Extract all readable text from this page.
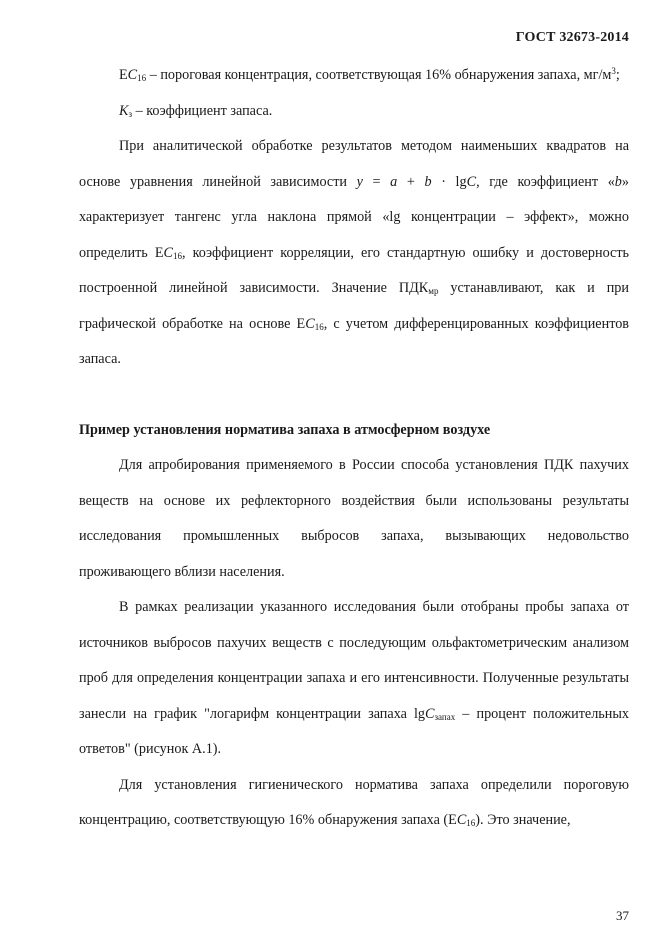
ГОСТ 32673-2014

$ЕC_{16}$ – пороговая концентрация, соответствующая 16% обнаружения запаха, $мг/м^3$;

$K_з$ – коэффициент запаса.

При аналитической обработке результатов методом наименьших квадратов на основе уравнения линейной зависимости y = a + b · lgC, где коэффициент «b» характеризует тангенс угла наклона прямой «lg концентрации – эффект», можно определить $ЕC_{16}$, коэффициент корреляции, его стандартную ошибку и достоверность построенной линейной зависимости. Значение $ПДК_{мр}$ устанавливают, как и при графической обработке на основе $ЕC_{16}$, с учетом дифференцированных коэффициентов запаса.

Пример установления норматива запаха в атмосферном воздухе

Для апробирования применяемого в России способа установления ПДК пахучих веществ на основе их рефлекторного воздействия были использованы результаты исследования промышленных выбросов запаха, вызывающих недовольство проживающего вблизи населения.

В рамках реализации указанного исследования были отобраны пробы запаха от источников выбросов пахучих веществ с последующим ольфактометрическим анализом проб для определения концентрации запаха и его интенсивности. Полученные результаты занесли на график "логарифм концентрации запаха lgC$_{запах}$ – процент положительных ответов" (рисунок А.1).

Для установления гигиенического норматива запаха определили пороговую концентрацию, соответствующую 16% обнаружения запаха $(ЕC_{16})$. Это значение,

37
